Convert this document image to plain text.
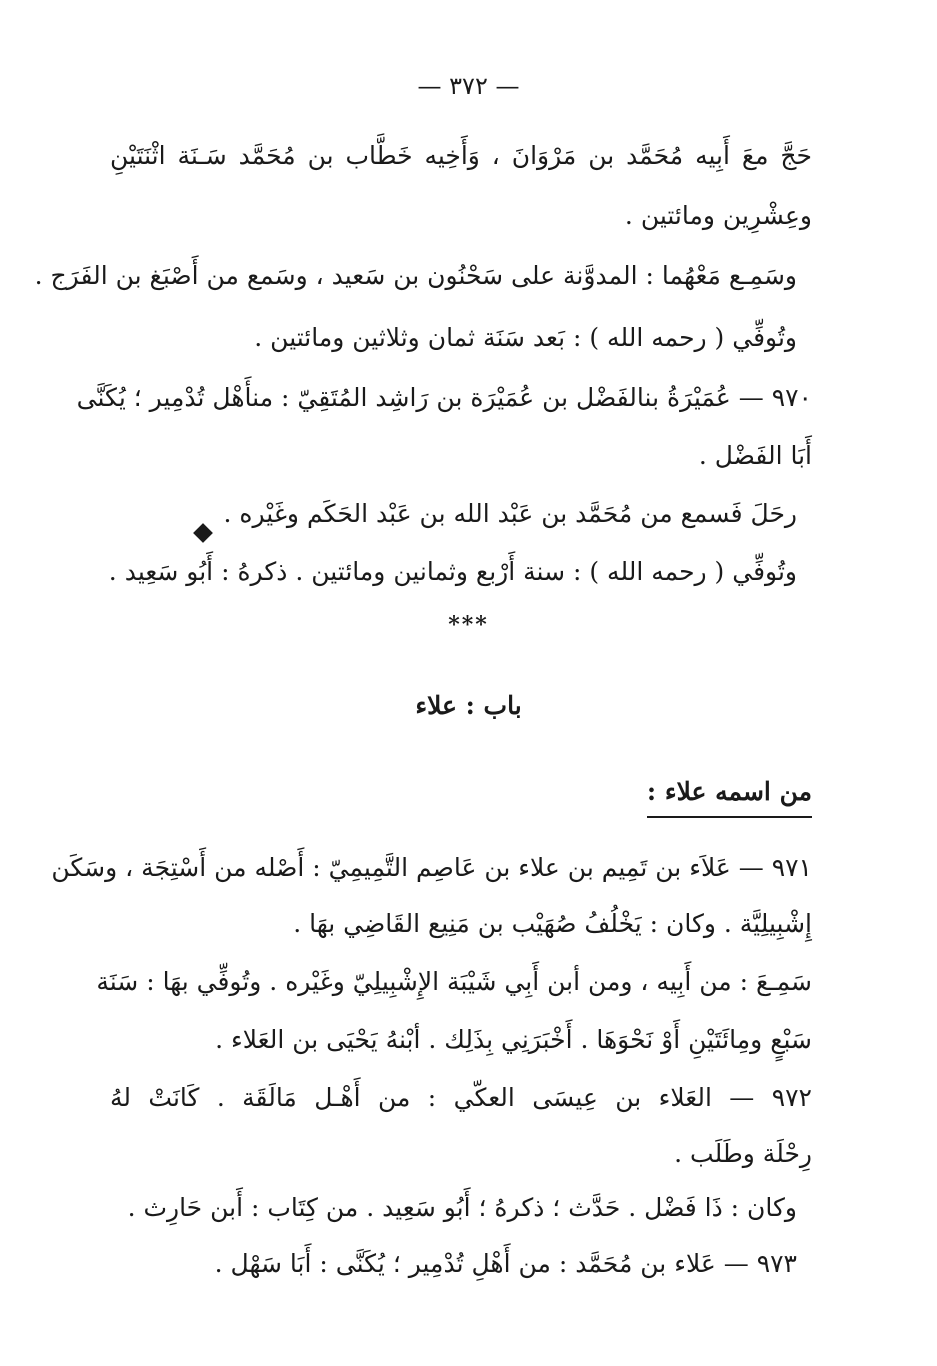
— ٣٧٢ —
حَجَّ معَ أَبِيه مُحَمَّد بن مَرْوَانَ ، وَأَخِيه خَطَّاب بن مُحَمَّد سَـنَة اثْنَتَيْنِ
وعِشْرِين ومائتين .
وسَمِـع مَعْهُما : المدوَّنة على سَحْنُون بن سَعيد ، وسَمع من أَصْبَغ بن الفَرَج .
وتُوفِّي ( رحمه الله ) : بَعد سَنَة ثمان وثلاثين ومائتين .
٩٧٠ — عُمَيْرَةُ بنالفَضْل بن عُمَيْرَة بن رَاشِد المُتَقِيّ : منأَهْل تُدْمِير ؛ يُكَنَّى
أَبَا الفَضْل .
رحَلَ فَسمع من مُحَمَّد بن عَبْد الله بن عَبْد الحَكَم وغَيْره .
وتُوفِّي ( رحمه الله ) : سنة أَرْبع وثمانين ومائتين . ذكرهُ : أَبُو سَعِيد .
***
باب : علاء
من اسمه علاء :
٩٧١ — عَلاَء بن تَمِيم بن علاء بن عَاصِم التَّمِيمِيّ : أَصْله من أَسْتِجَة ، وسَكَن
إِشْبِيلِيَّة . وكان : يَخْلُفُ صُهَيْب بن مَنِيع القَاضِي بهَا .
سَمِـعَ : من أَبِيه ، ومن أبن أَبِي شَيْبَة الإِشْبِيلِيّ وغَيْره . وتُوفِّي بهَا : سَنَة
سَبْعٍ ومِائَتَيْنِ أَوْ نَحْوَهَا . أَخْبَرَنِي بِذَلِك . أبْنهُ يَحْيَى بن العَلاء .
٩٧٢ — العَلاء بن عِيسَى العكّي : من أَهْـل مَالَقَة . كَانَتْ لهُ
رِحْلَة وطَلَب .
وكان : ذَا فَضْل . حَدَّث ؛ ذكرهُ ؛ أَبُو سَعِيد . من كِتَاب : أَبن حَارِث .
٩٧٣ — عَلاء بن مُحَمَّد : من أَهْلِ تُدْمِير ؛ يُكَنَّى : أَبَا سَهْل .
